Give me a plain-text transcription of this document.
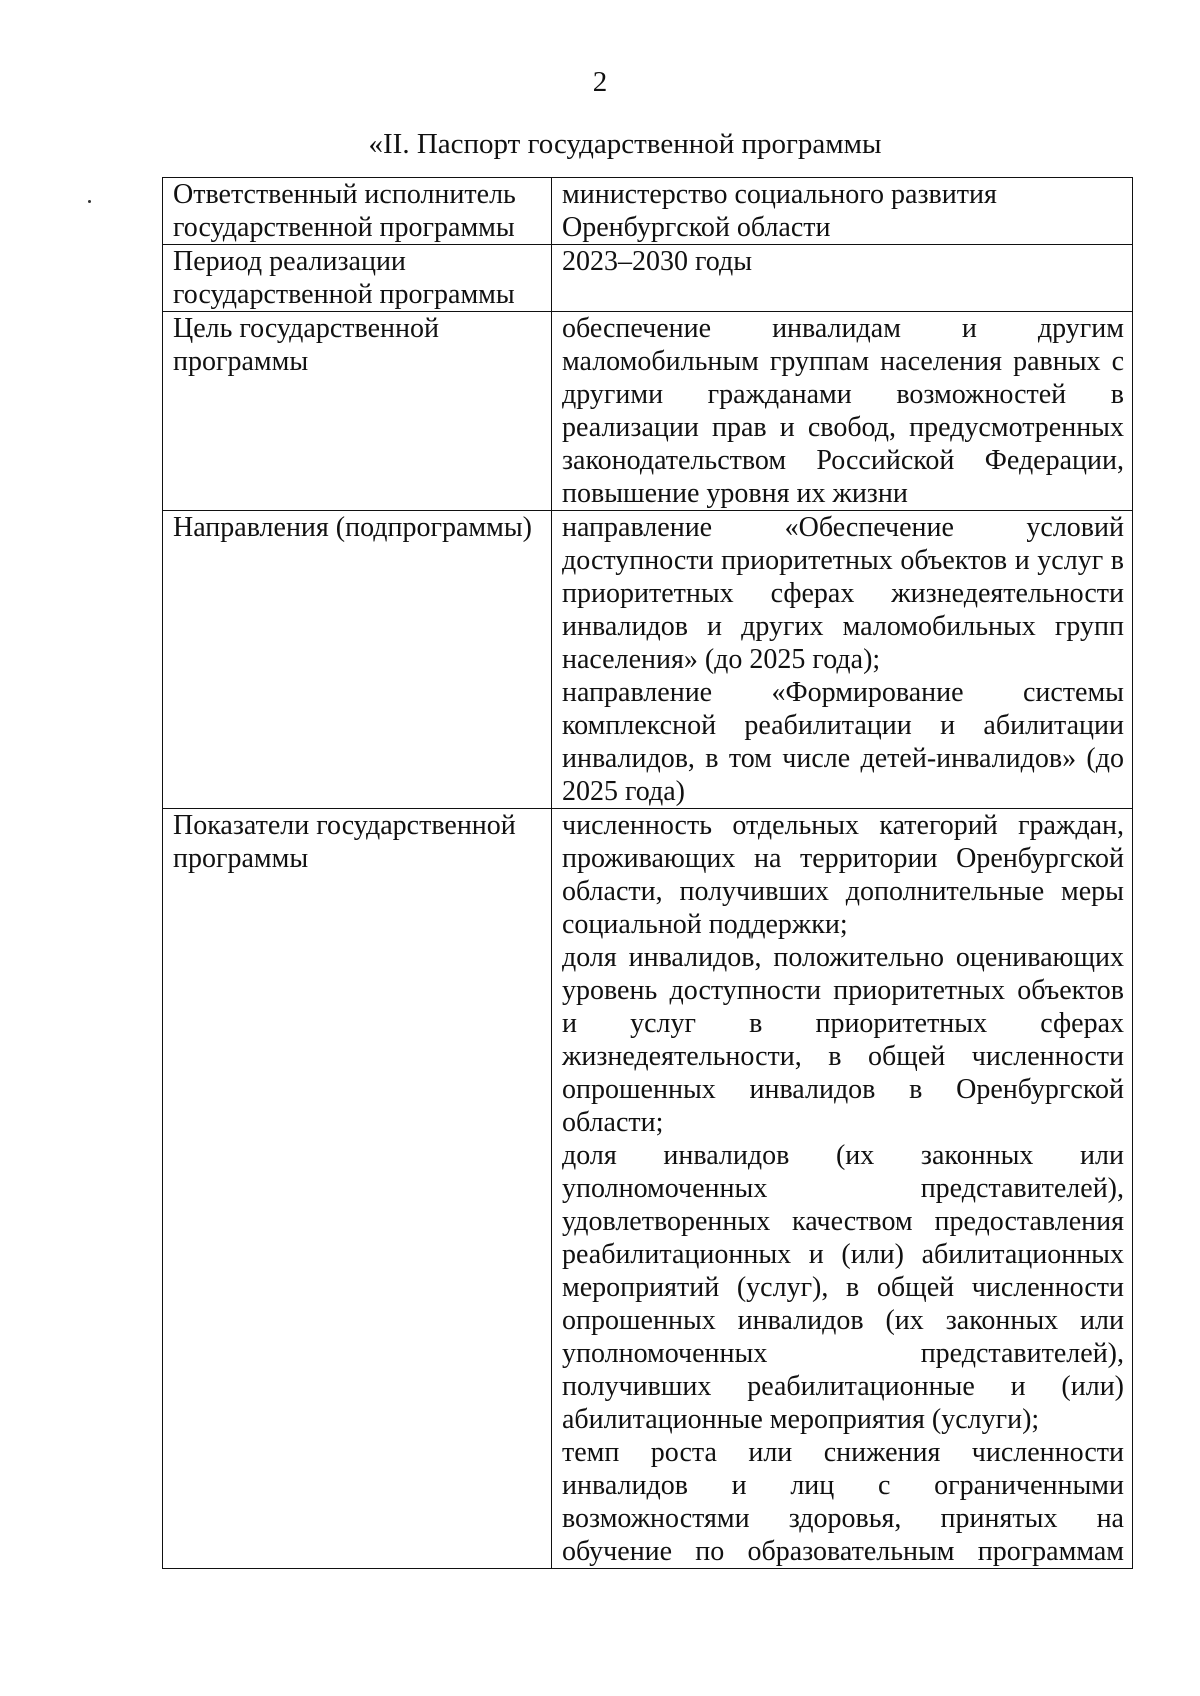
2
«II. Паспорт государственной программы
Ответственный исполнитель государственной программы	министерство социального развития Оренбургской области
Период реализации государственной программы	2023–2030 годы
Цель государственной программы	обеспечение инвалидам и другим маломобильным группам населения равных с другими гражданами возможностей в реализации прав и свобод, предусмотренных законодательством Российской Федерации, повышение уровня их жизни

Направления (подпрограммы)	направление «Обеспечение условий доступности приоритетных объектов и услуг в приоритетных сферах жизнедеятельности инвалидов и других маломобильных групп населения» (до 2025 года);
направление «Формирование системы комплексной реабилитации и абилитации инвалидов, в том числе детей-инвалидов» (до 2025 года)

Показатели государственной программы	численность отдельных категорий граждан, проживающих на территории Оренбургской области, получивших дополнительные меры социальной поддержки;
доля инвалидов, положительно оценивающих уровень доступности приоритетных объектов и услуг в приоритетных сферах жизнедеятельности, в общей численности опрошенных инвалидов в Оренбургской области;
доля инвалидов (их законных или уполномоченных представителей), удовлетворенных качеством предоставления реабилитационных и (или) абилитационных мероприятий (услуг), в общей численности опрошенных инвалидов (их законных или уполномоченных представителей), получивших реабилитационные и (или) абилитационные мероприятия (услуги);
темп роста или снижения численности инвалидов и лиц с ограниченными возможностями здоровья, принятых на обучение по образовательным программам
